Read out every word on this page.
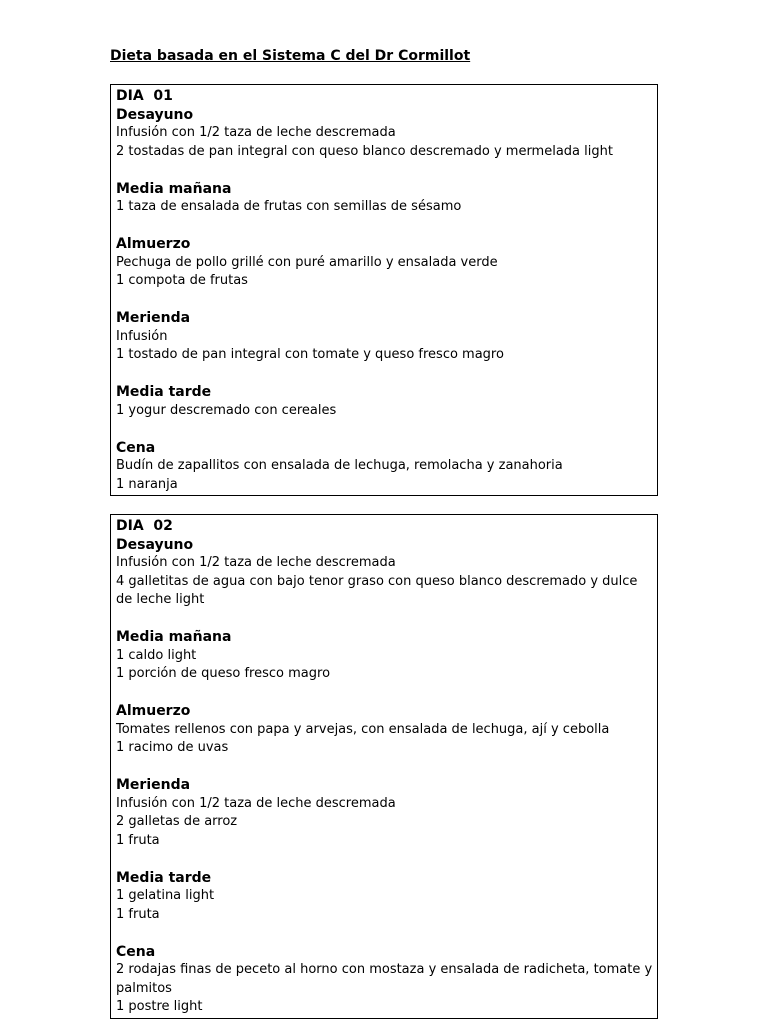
Dieta basada en el Sistema C del Dr Cormillot
DIA  01
Desayuno
Infusión con 1/2 taza de leche descremada
2 tostadas de pan integral con queso blanco descremado y mermelada light
Media mañana
1 taza de ensalada de frutas con semillas de sésamo
Almuerzo
Pechuga de pollo grillé con puré amarillo y ensalada verde
1 compota de frutas
Merienda
Infusión
1 tostado de pan integral con tomate y queso fresco magro
Media tarde
1 yogur descremado con cereales
Cena
Budín de zapallitos con ensalada de lechuga, remolacha y zanahoria
1 naranja
DIA  02
Desayuno
Infusión con 1/2 taza de leche descremada
4 galletitas de agua con bajo tenor graso con queso blanco descremado y dulce de leche light
Media mañana
1 caldo light
1 porción de queso fresco magro
Almuerzo
Tomates rellenos con papa y arvejas, con ensalada de lechuga, ají y cebolla
1 racimo de uvas
Merienda
Infusión con 1/2 taza de leche descremada
2 galletas de arroz
1 fruta
Media tarde
1 gelatina light
1 fruta
Cena
2 rodajas finas de peceto al horno con mostaza y ensalada de radicheta, tomate y palmitos
1 postre light
